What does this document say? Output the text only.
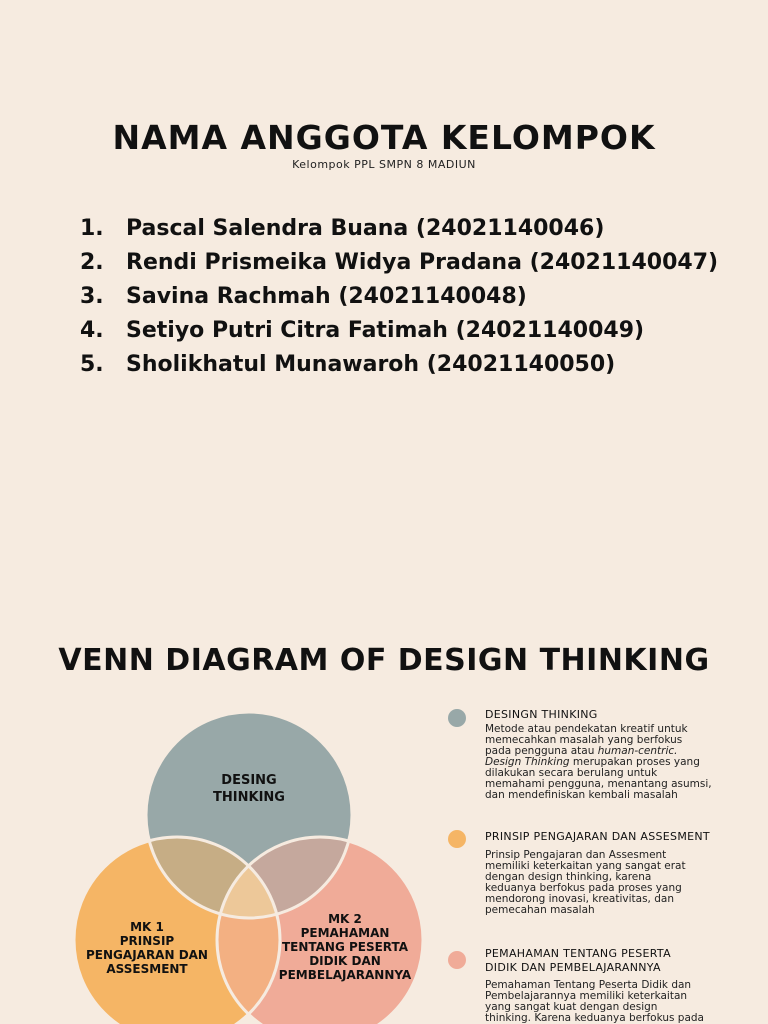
NAMA ANGGOTA KELOMPOK
Kelompok PPL SMPN 8 MADIUN
1.	Pascal Salendra Buana (24021140046)
2.	Rendi Prismeika Widya Pradana (24021140047)
3.	Savina Rachmah (24021140048)
4.	Setiyo Putri Citra Fatimah (24021140049)
5.	Sholikhatul Munawaroh (24021140050)
VENN DIAGRAM OF DESIGN THINKING
DESING
THINKING
MK 1
PRINSIP
PENGAJARAN DAN
ASSESMENT
MK 2
PEMAHAMAN
TENTANG PESERTA
DIDIK DAN
PEMBELAJARANNYA
DESINGN THINKING
Metode atau pendekatan kreatif untuk
memecahkan masalah yang berfokus
pada pengguna atau human-centric.
Design Thinking merupakan proses yang
dilakukan secara berulang untuk
memahami pengguna, menantang asumsi,
dan mendefiniskan kembali masalah
PRINSIP PENGAJARAN DAN ASSESMENT
Prinsip Pengajaran dan Assesment
memiliki keterkaitan yang sangat erat
dengan design thinking, karena
keduanya berfokus pada proses yang
mendorong inovasi, kreativitas, dan
pemecahan masalah
PEMAHAMAN TENTANG PESERTA
DIDIK DAN PEMBELAJARANNYA
Pemahaman Tentang Peserta Didik dan
Pembelajarannya memiliki keterkaitan
yang sangat kuat dengan design
thinking. Karena keduanya berfokus pada
